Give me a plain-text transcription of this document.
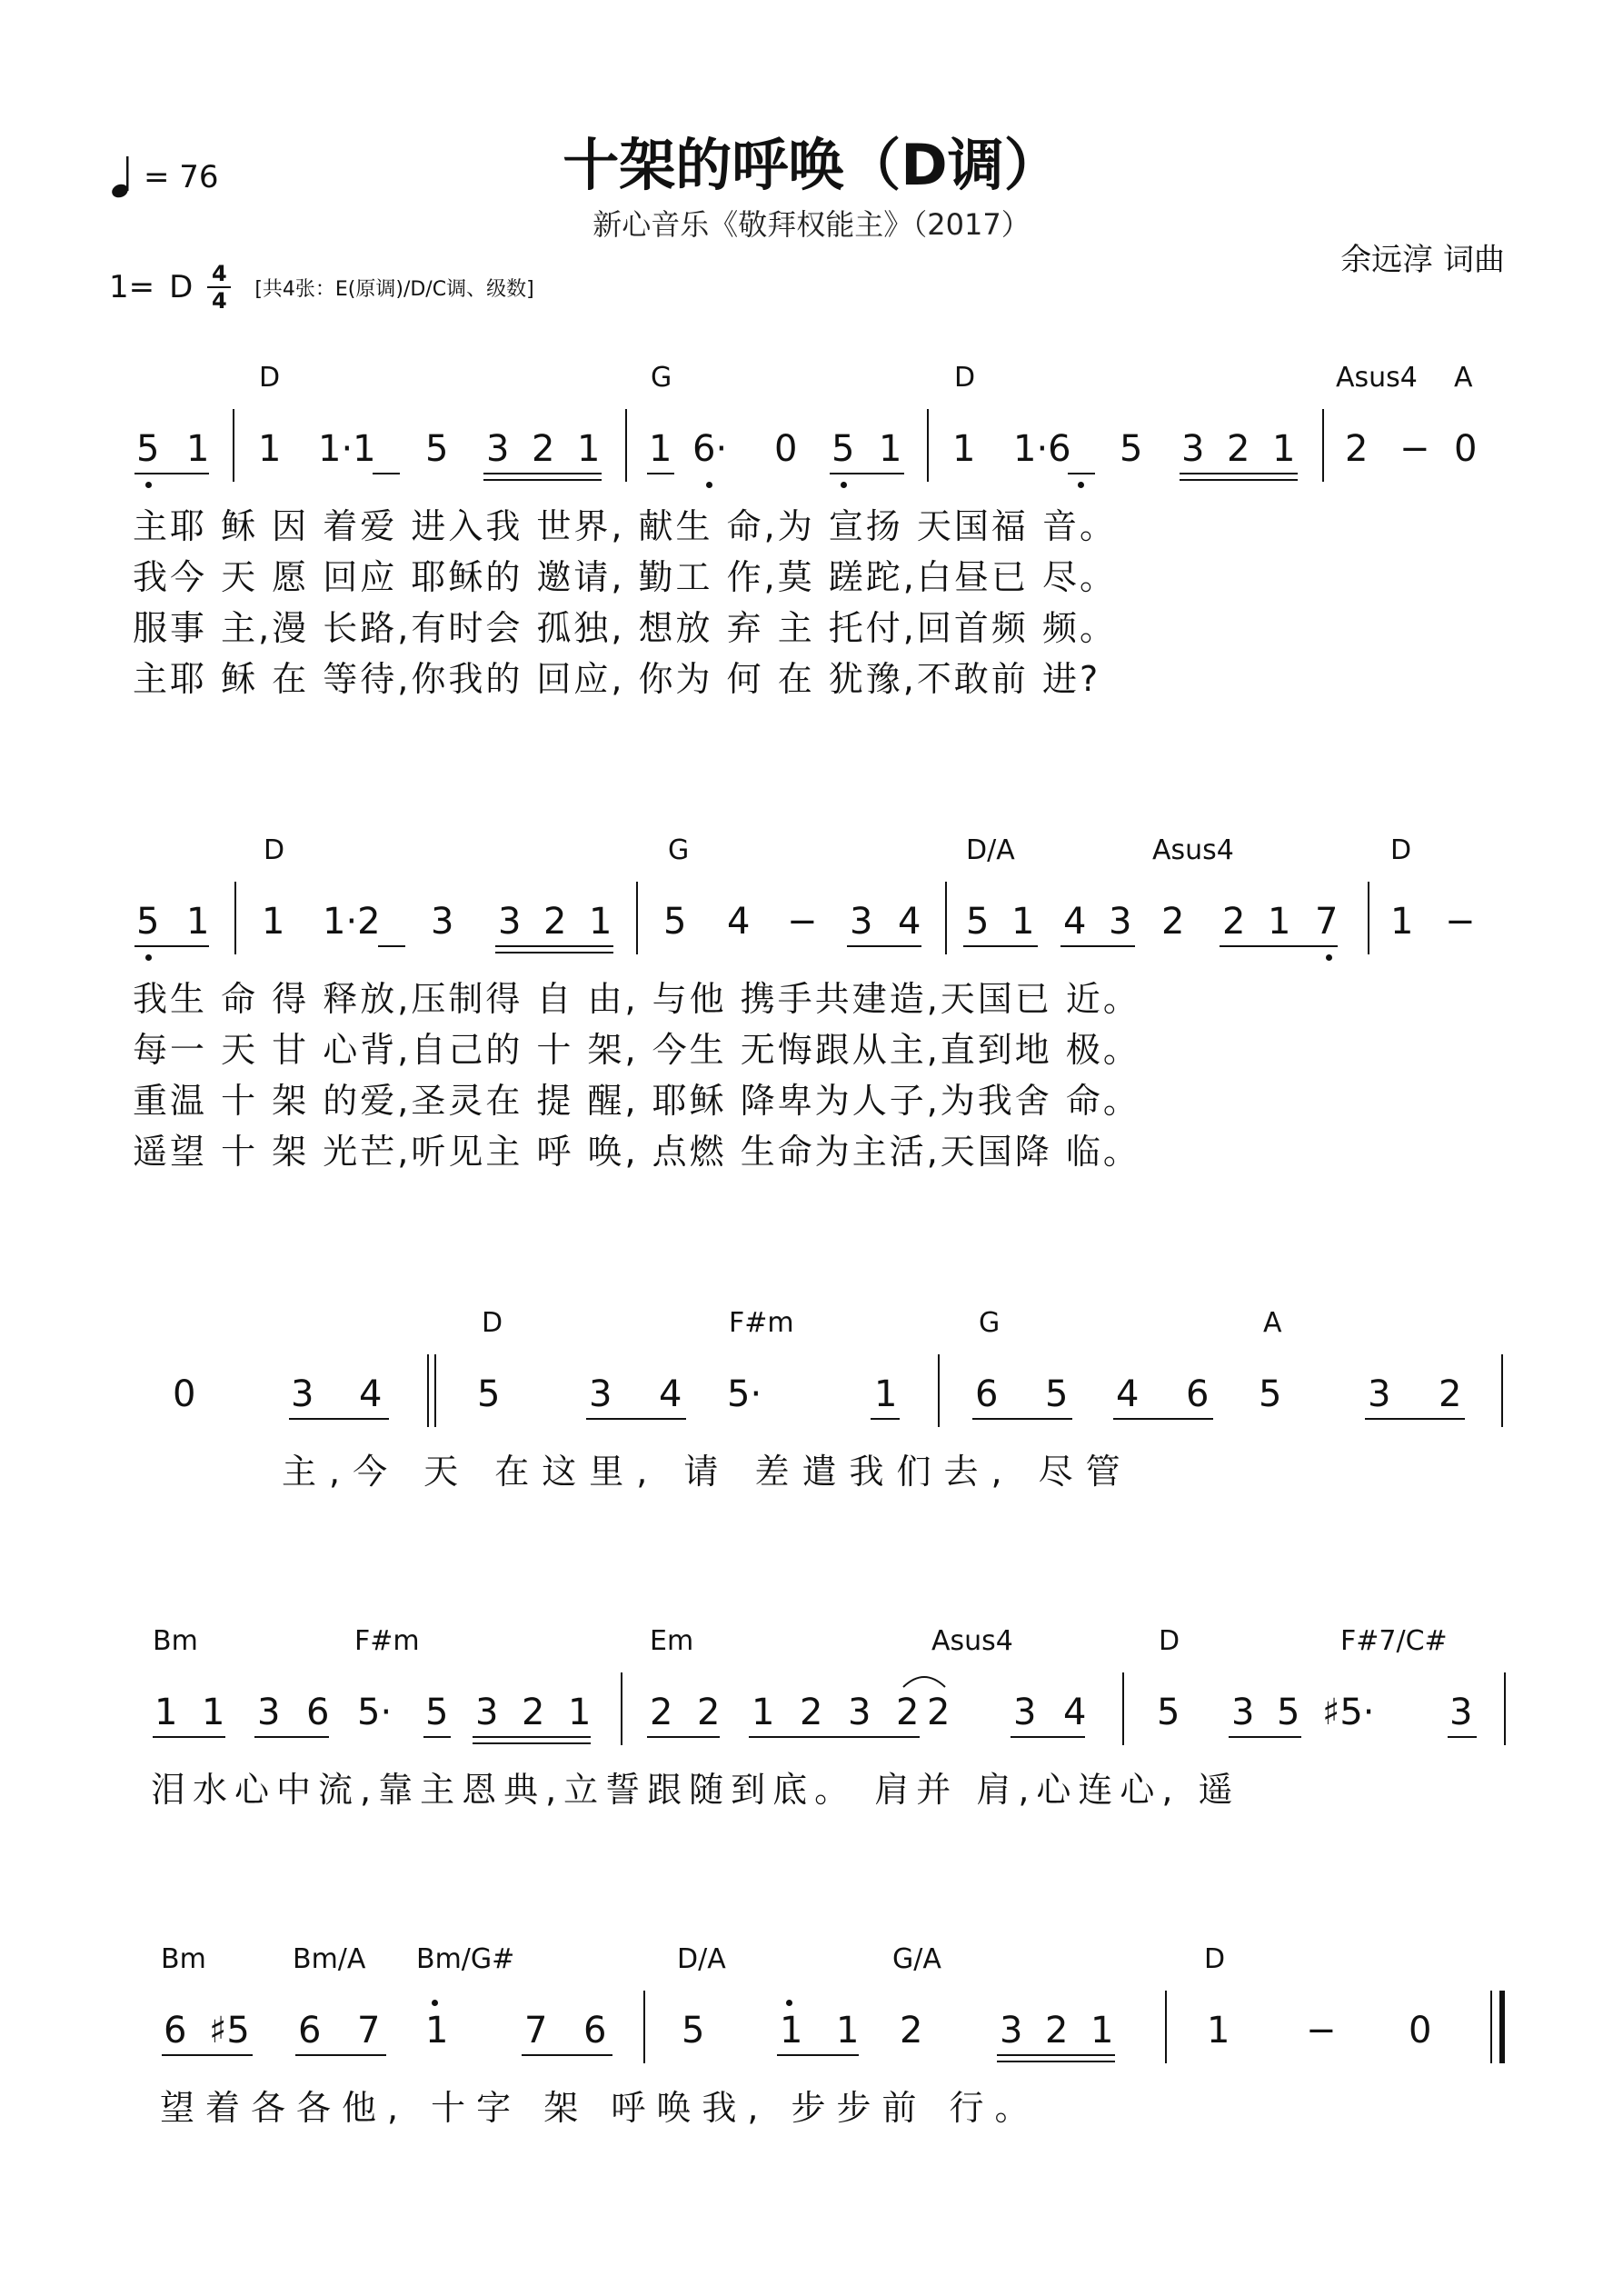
十架的呼唤（D调）
新心音乐《敬拜权能主》（2017）
余远淳 词曲
= 76
1= D 4
4 [共4张：E(原调)/D/C调、级数]
D	G	D	Asus4 A
5 1 1 1·1 5 3 2 1 1 6· 0 5 1 1 1·6 5 3 2 1 2 − 0
主耶 稣 因 着爱 进入我 世界, 献生 命,为 宣扬 天国福 音。
我今 天 愿 回应 耶稣的 邀请, 勤工 作,莫 蹉跎,白昼已 尽。
服事 主,漫 长路,有时会 孤独, 想放 弃 主 托付,回首频 频。
主耶 稣 在 等待,你我的 回应, 你为 何 在 犹豫,不敢前 进?
D	G	D/A	Asus4	D
5 1 1 1·2 3 3 2 1 5 4 − 3 4 5 1 4 3 2 2 1 7 1 −
我生 命 得 释放,压制得 自 由, 与他 携手共建造,天国已 近。
每一 天 甘 心背,自己的 十 架, 今生 无悔跟从主,直到地 极。
重温 十 架 的爱,圣灵在 提 醒, 耶稣 降卑为人子,为我舍 命。
遥望 十 架 光芒,听见主 呼 唤, 点燃 生命为主活,天国降 临。
D	F#m	G	A
0	3 4	5 3 4 5·	1 6 5 4 6 5 3 2
主,今 天 在这里, 请 差遣我们去, 尽管
Bm	F#m	Em	Asus4	D	F#7/C#
1 1 3 6 5· 5 3 2 1 2 2 1 2 3 2 2 3 4 5 3 5 ♯5· 3
泪水心中流,靠主恩典,立誓跟随到底。 肩并 肩,心连心, 遥
Bm	Bm/A Bm/G#	D/A	G/A	D
6 ♯5 6 7 1 7 6 5 1 1 2 3 2 1	1 − 0
望着各各他, 十字 架 呼唤我, 步步前 行。
